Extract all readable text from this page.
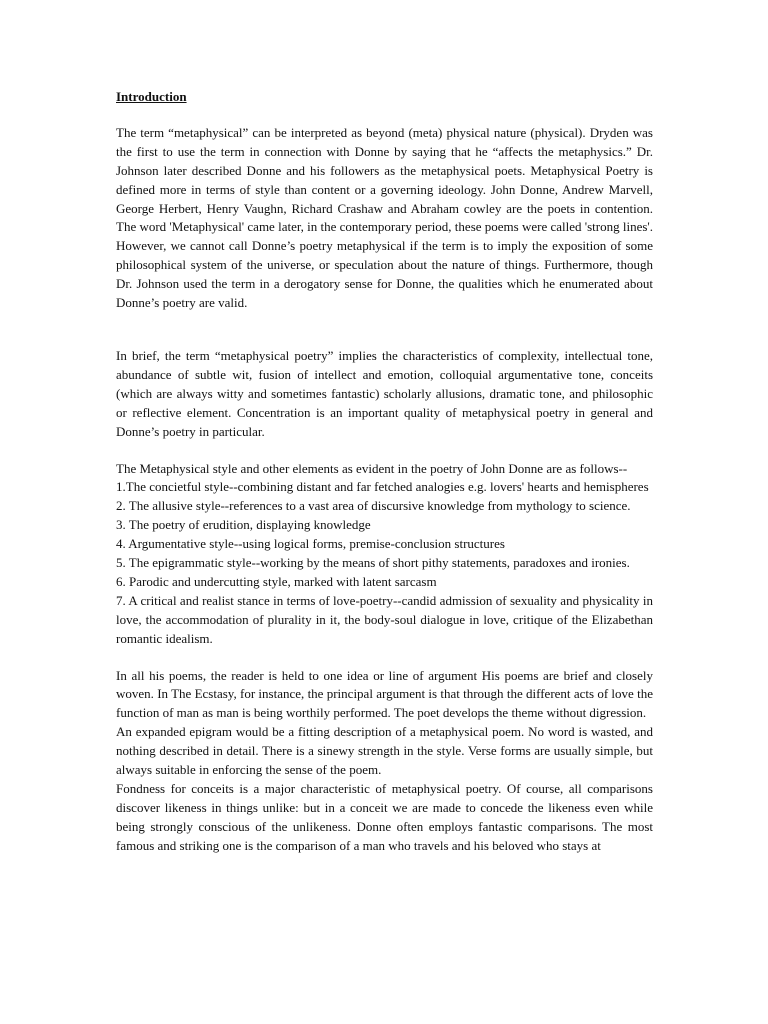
Introduction

The term “metaphysical” can be interpreted as beyond (meta) physical nature (physical). Dryden was the first to use the term in connection with Donne by saying that he “affects the metaphysics.” Dr. Johnson later described Donne and his followers as the metaphysical poets. Metaphysical Poetry is defined more in terms of style than content or a governing ideology. John Donne, Andrew Marvell, George Herbert, Henry Vaughn, Richard Crashaw and Abraham cowley are the poets in contention. The word 'Metaphysical' came later, in the contemporary period, these poems were called 'strong lines'. However, we cannot call Donne’s poetry metaphysical if the term is to imply the exposition of some philosophical system of the universe, or speculation about the nature of things. Furthermore, though Dr. Johnson used the term in a derogatory sense for Donne, the qualities which he enumerated about Donne’s poetry are valid.

In brief, the term “metaphysical poetry” implies the characteristics of complexity, intellectual tone, abundance of subtle wit, fusion of intellect and emotion, colloquial argumentative tone, conceits (which are always witty and sometimes fantastic) scholarly allusions, dramatic tone, and philosophic or reflective element. Concentration is an important quality of metaphysical poetry in general and Donne’s poetry in particular.

The Metaphysical style and other elements as evident in the poetry of John Donne are as follows--

1.The concietful style--combining distant and far fetched analogies e.g. lovers' hearts and hemispheres

2. The allusive style--references to a vast area of discursive knowledge from mythology to science.

3. The poetry of erudition, displaying knowledge

4. Argumentative style--using logical forms, premise-conclusion structures

5. The epigrammatic style--working by the means of short pithy statements, paradoxes and ironies.

6. Parodic and undercutting style, marked with latent sarcasm

7. A critical and realist stance in terms of love-poetry--candid admission of sexuality and physicality in love, the accommodation of plurality in it, the body-soul dialogue in love, critique of the Elizabethan romantic idealism.

In all his poems, the reader is held to one idea or line of argument His poems are brief and closely woven. In The Ecstasy, for instance, the principal argument is that through the different acts of love the function of man as man is being worthily performed. The poet develops the theme without digression.

An expanded epigram would be a fitting description of a metaphysical poem. No word is wasted, and nothing described in detail. There is a sinewy strength in the style. Verse forms are usually simple, but always suitable in enforcing the sense of the poem.

Fondness for conceits is a major characteristic of metaphysical poetry. Of course, all comparisons discover likeness in things unlike: but in a conceit we are made to concede the likeness even while being strongly conscious of the unlikeness. Donne often employs fantastic comparisons. The most famous and striking one is the comparison of a man who travels and his beloved who stays at
